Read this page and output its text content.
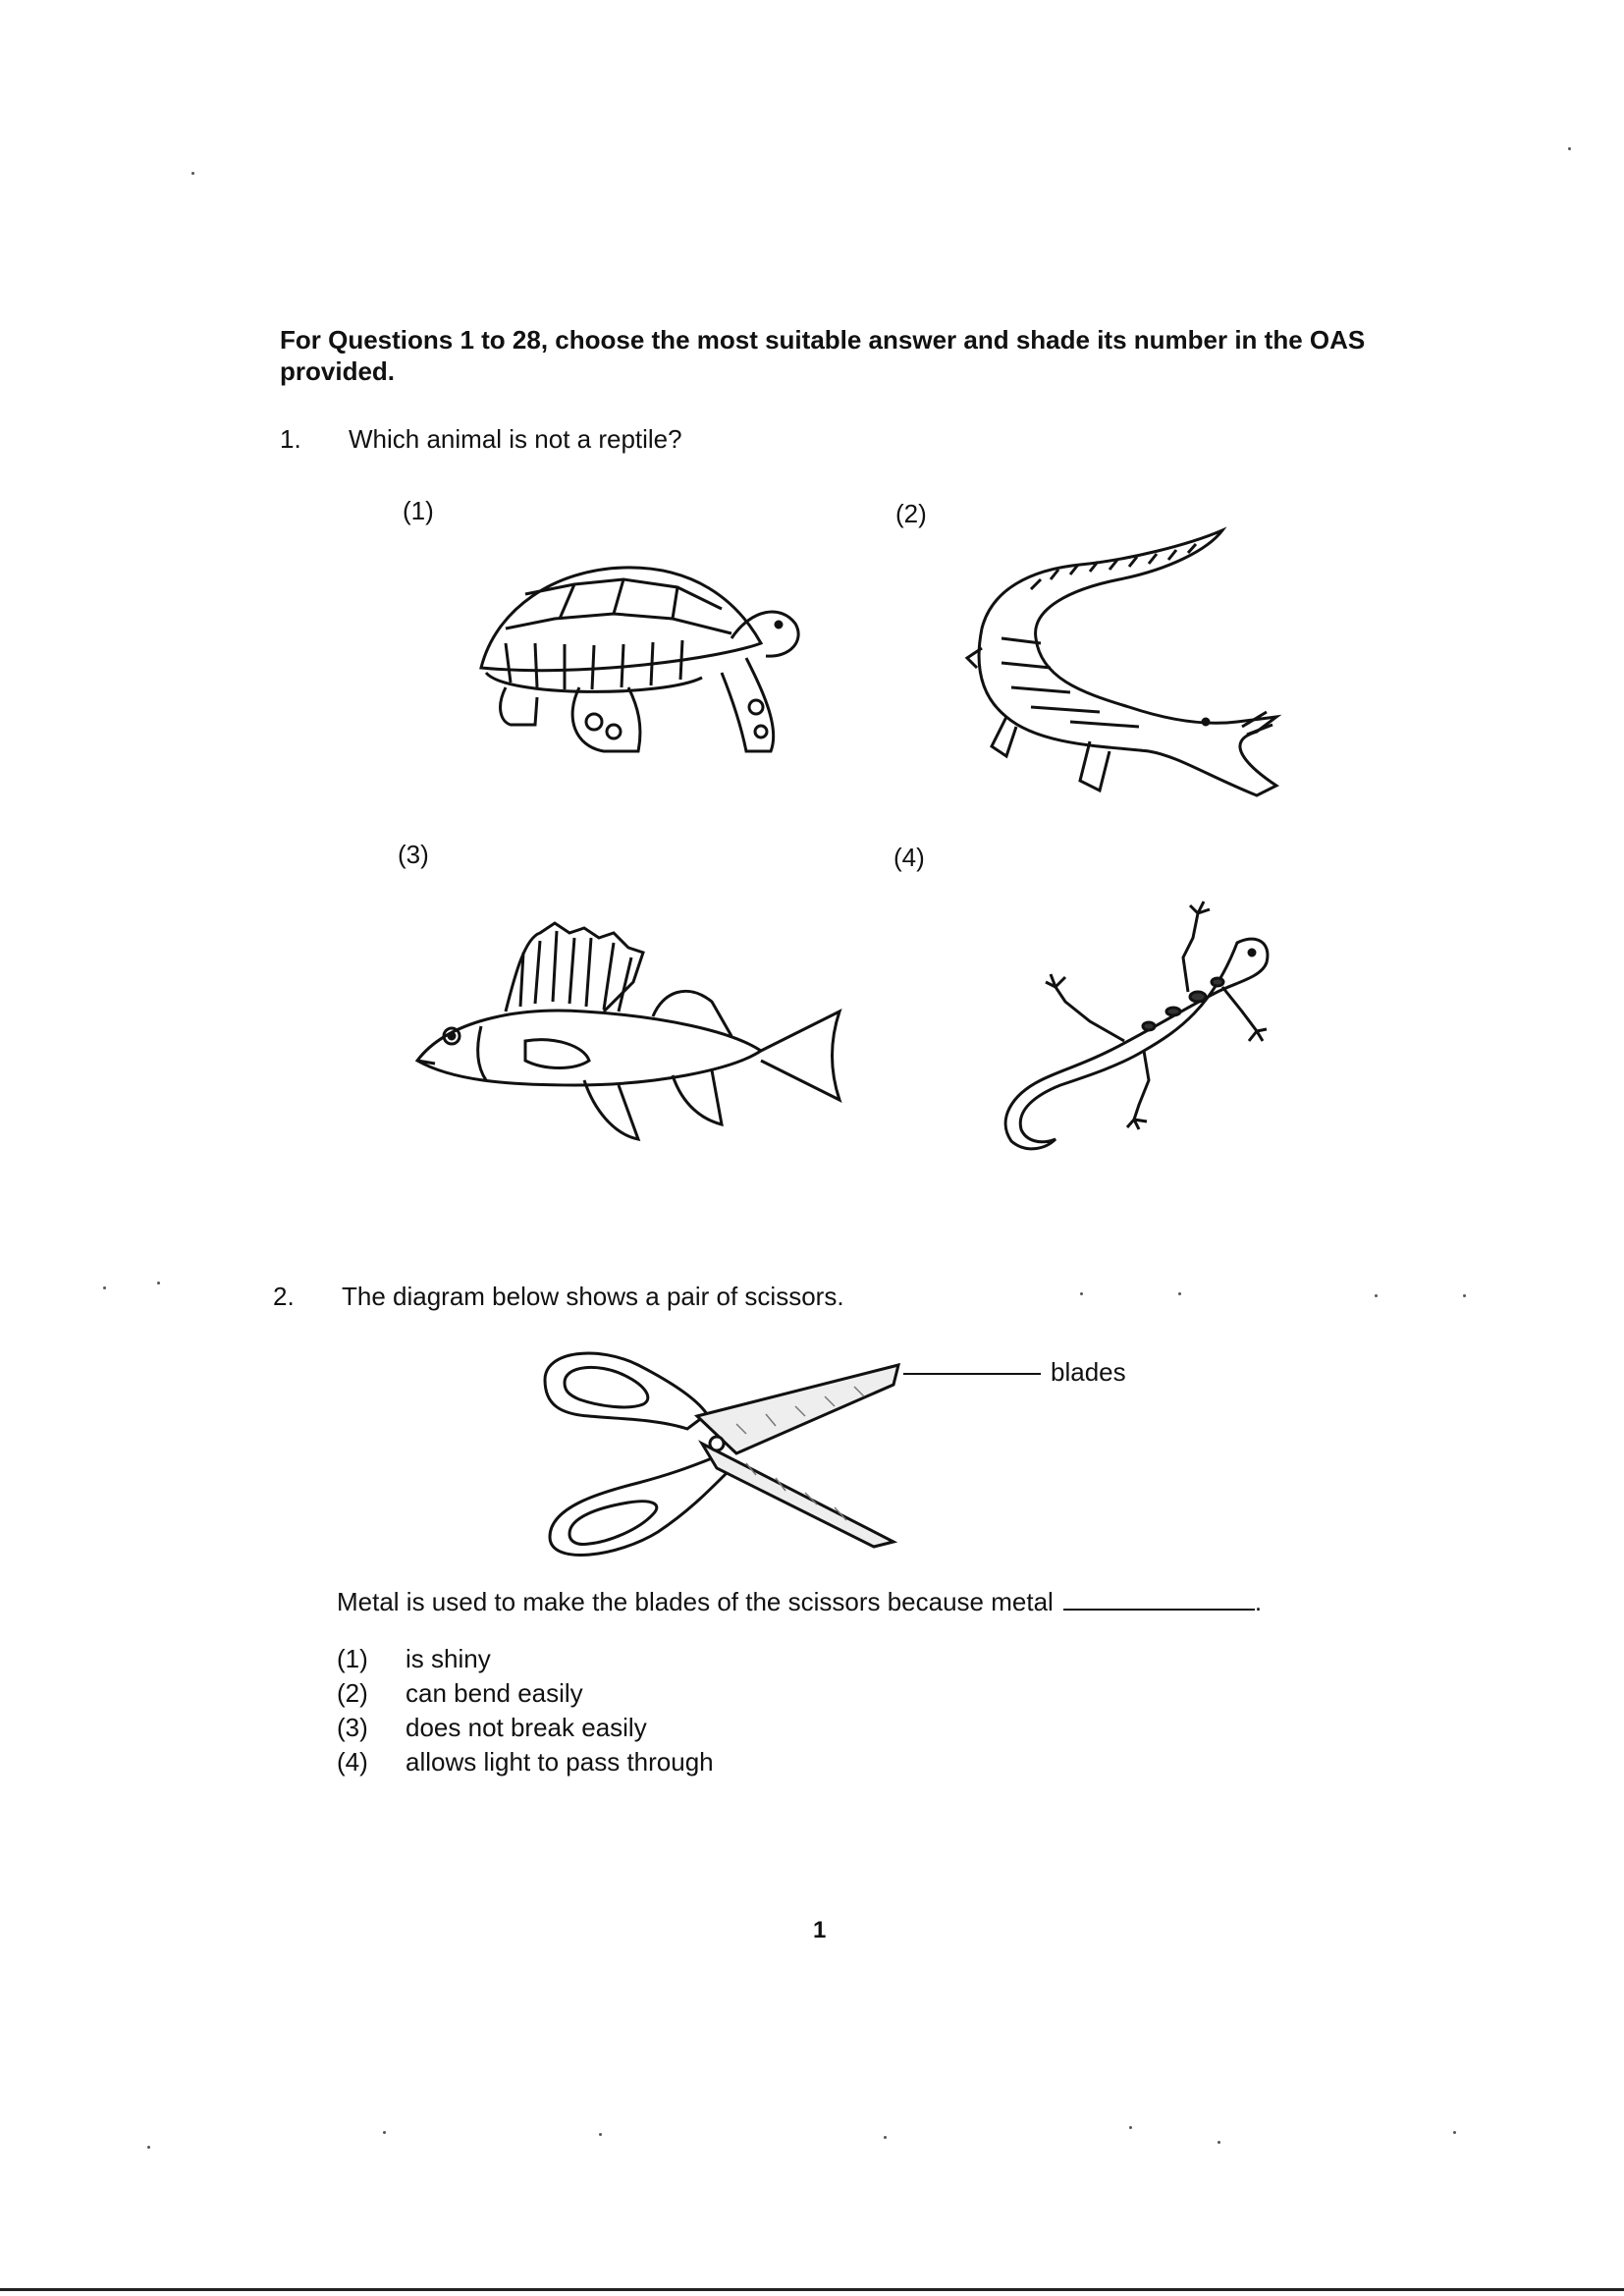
For Questions 1 to 28, choose the most suitable answer and shade its number in the OAS provided.
1. Which animal is not a reptile?
(1)	(2)
(3)	(4)
2. The diagram below shows a pair of scissors.
blades
Metal is used to make the blades of the scissors because metal	.
(1) is shiny
(2) can bend easily
(3) does not break easily
(4) allows light to pass through
1
